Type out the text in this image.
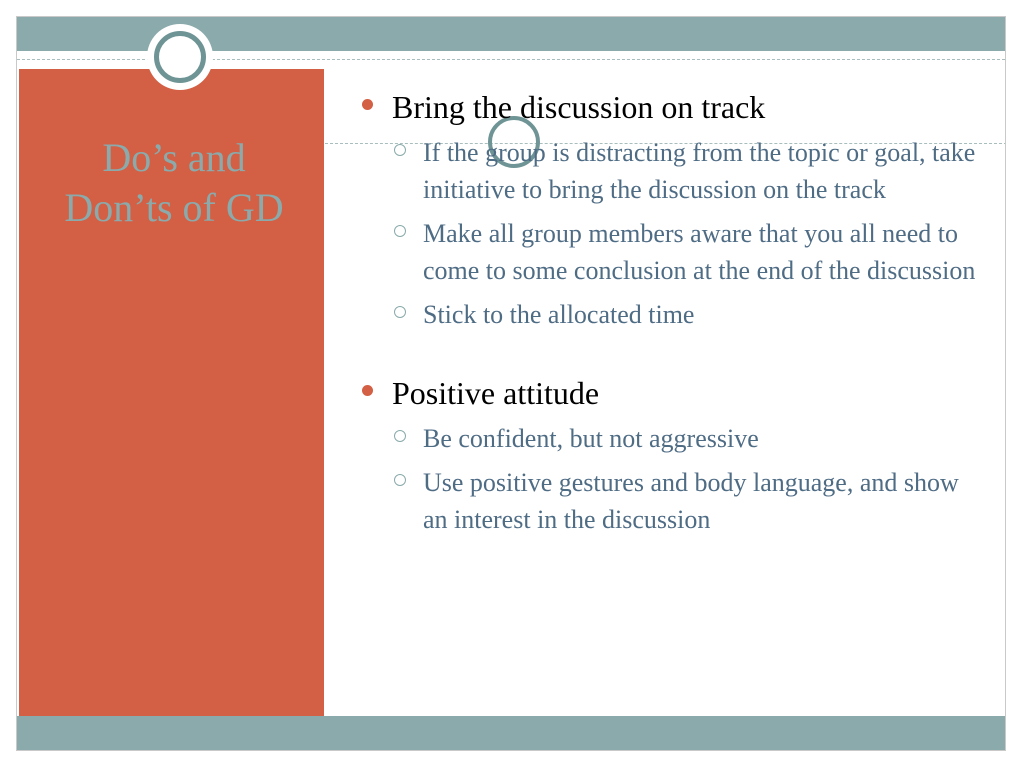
Do’s and Don’ts of GD
Bring the discussion on track
If the group is distracting from the topic or goal, take initiative to bring the discussion on the track
Make all group members aware that you all need to come to some conclusion at the end of the discussion
Stick to the allocated time
Positive attitude
Be confident, but not aggressive
Use positive gestures and body language, and show an interest in the discussion
